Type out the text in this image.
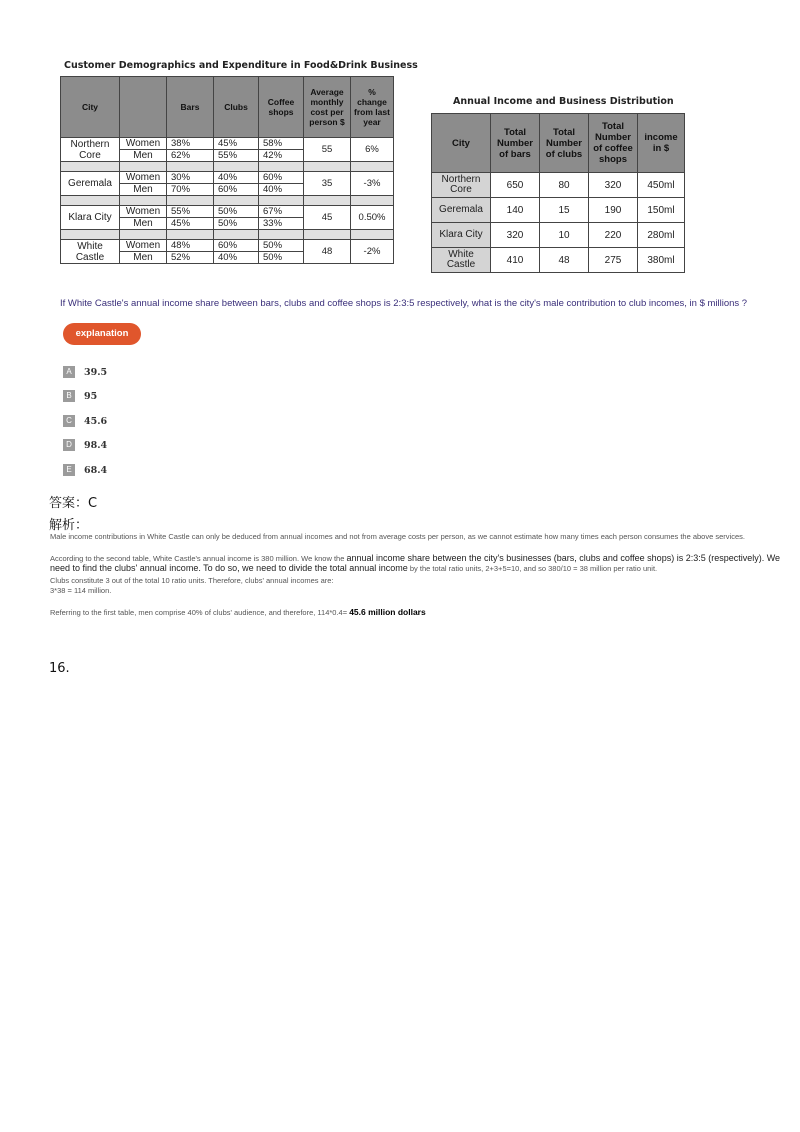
Customer Demographics and Expenditure in Food&Drink Business
City		Bars	Clubs	Coffee shops	Average monthly cost per person $	% change from last year
Northern Core	Women	38%	45%	58%	55	6%
	Men	62%	55%	42%		

Geremala	Women	30%	40%	60%	35	-3%
	Men	70%	60%	40%		

Klara City	Women	55%	50%	67%	45	0.50%
	Men	45%	50%	33%		

White Castle	Women	48%	60%	50%	48	-2%
	Men	52%	40%	50%		
Annual Income and Business Distribution
City	Total Number of bars	Total Number of clubs	Total Number of coffee shops	income in $
Northern Core	650	80	320	450ml
Geremala	140	15	190	150ml
Klara City	320	10	220	280ml
White Castle	410	48	275	380ml
If White Castle's annual income share between bars, clubs and coffee shops is 2:3:5 respectively, what is the city's male contribution to club incomes, in $ millions ?
explanation
A	39.5
B	95
C	45.6
D	98.4
E	68.4
答案：C
解析：
Male income contributions in White Castle can only be deduced from annual incomes and not from average costs per person, as we cannot estimate how many times each person consumes the above services.
According to the second table, White Castle's annual income is 380 million. We know the annual income share between the city's businesses (bars, clubs and coffee shops) is 2:3:5 (respectively). We
need to find the clubs' annual income. To do so, we need to divide the total annual income by the total ratio units, 2+3+5=10, and so 380/10 = 38 million per ratio unit.
Clubs constitute 3 out of the total 10 ratio units. Therefore, clubs' annual incomes are:
3*38 = 114 million.
Referring to the first table, men comprise 40% of clubs' audience, and therefore, 114*0.4= 45.6 million dollars
16.
